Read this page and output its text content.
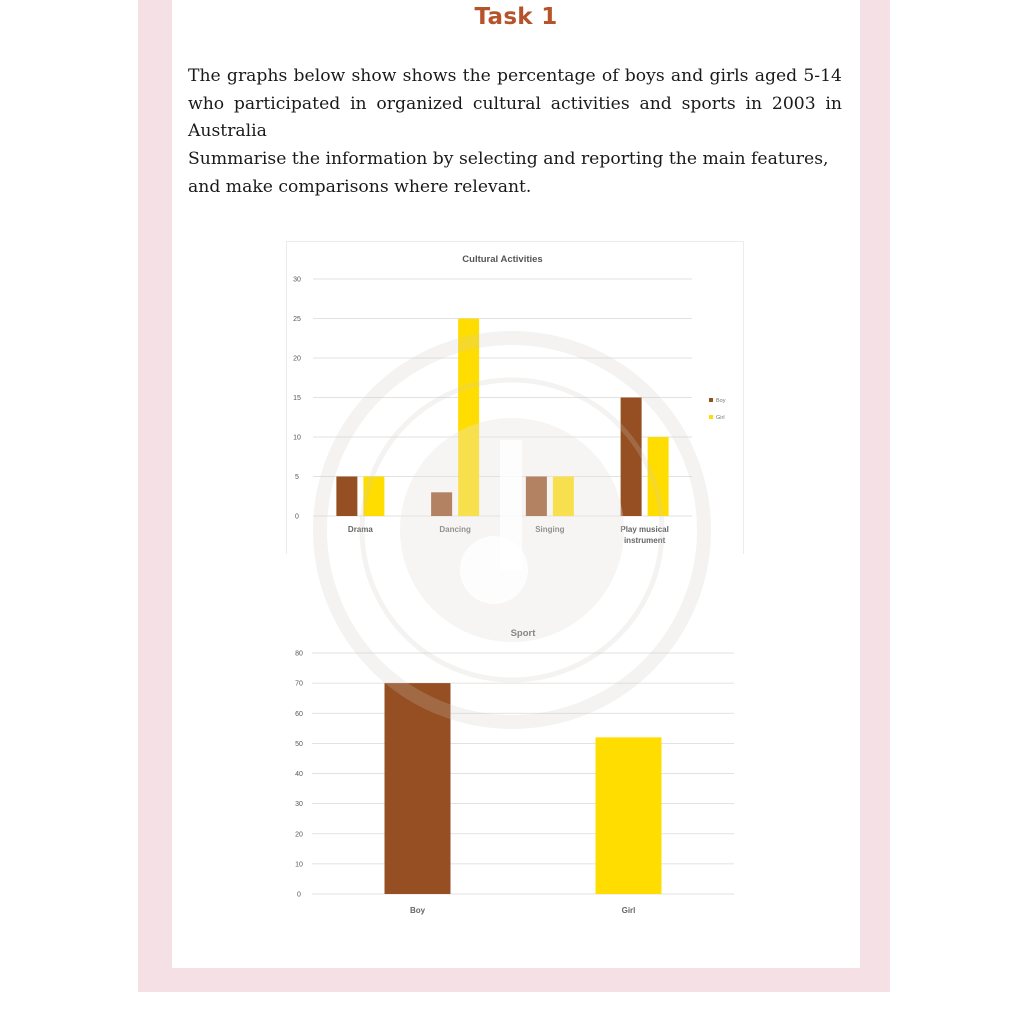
Task 1

The graphs below show shows the percentage of boys and girls aged 5-14 who participated in organized cultural activities and sports in 2003 in Australia

Summarise the information by selecting and reporting the main features, and make comparisons where relevant.

Cultural Activities
0
5
10
15
20
25
30
Drama	Dancing	Singing	Play musical instrument
Boy
Girl
Sport
0
10
20
30
40
50
60
70
80
Boy	Girl
